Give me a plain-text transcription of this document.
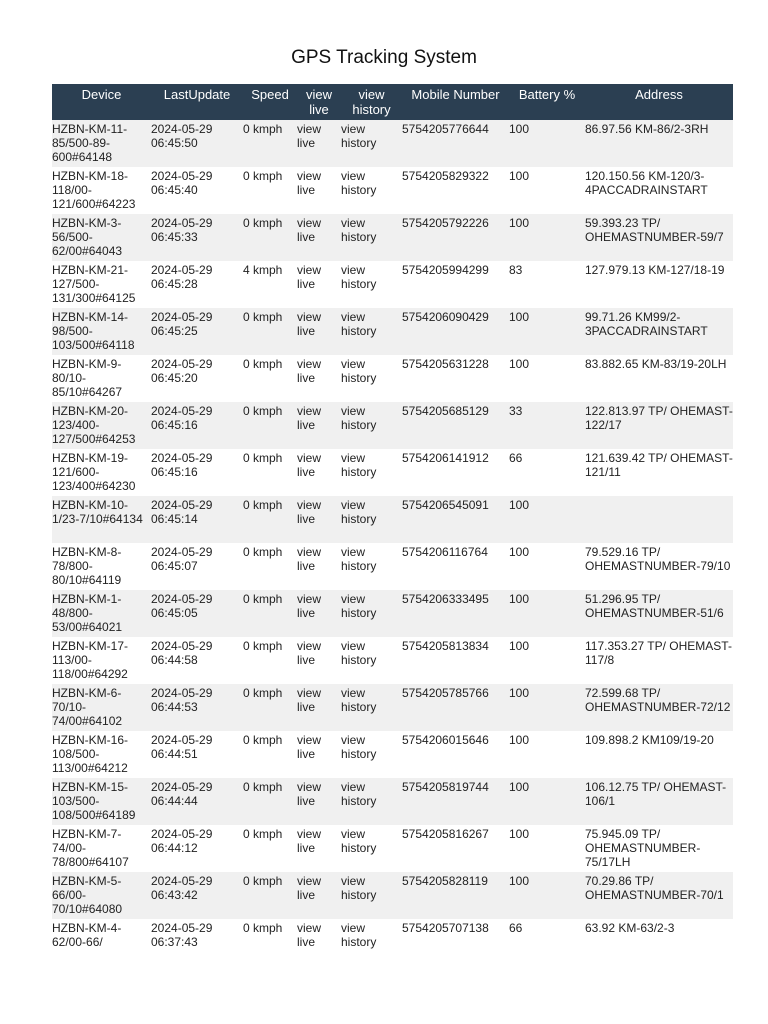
GPS Tracking System
Device	LastUpdate	Speed	view live	view history	Mobile Number	Battery %	Address
HZBN-KM-11-85/500-89-600#64148	2024-05-29 06:45:50	0 kmph	view live	view history	5754205776644	100	86.97.56 KM-86/2-3RH
HZBN-KM-18-118/00-121/600#64223	2024-05-29 06:45:40	0 kmph	view live	view history	5754205829322	100	120.150.56 KM-120/3-4PACCADRAINSTART
HZBN-KM-3-56/500-62/00#64043	2024-05-29 06:45:33	0 kmph	view live	view history	5754205792226	100	59.393.23 TP/ OHEMASTNUMBER-59/7
HZBN-KM-21-127/500-131/300#64125	2024-05-29 06:45:28	4 kmph	view live	view history	5754205994299	83	127.979.13 KM-127/18-19
HZBN-KM-14-98/500-103/500#64118	2024-05-29 06:45:25	0 kmph	view live	view history	5754206090429	100	99.71.26 KM99/2-3PACCADRAINSTART
HZBN-KM-9-80/10-85/10#64267	2024-05-29 06:45:20	0 kmph	view live	view history	5754205631228	100	83.882.65 KM-83/19-20LH
HZBN-KM-20-123/400-127/500#64253	2024-05-29 06:45:16	0 kmph	view live	view history	5754205685129	33	122.813.97 TP/ OHEMAST-122/17
HZBN-KM-19-121/600-123/400#64230	2024-05-29 06:45:16	0 kmph	view live	view history	5754206141912	66	121.639.42 TP/ OHEMAST-121/11
HZBN-KM-10-1/23-7/10#64134	2024-05-29 06:45:14	0 kmph	view live	view history	5754206545091	100	
HZBN-KM-8-78/800-80/10#64119	2024-05-29 06:45:07	0 kmph	view live	view history	5754206116764	100	79.529.16 TP/ OHEMASTNUMBER-79/10
HZBN-KM-1-48/800-53/00#64021	2024-05-29 06:45:05	0 kmph	view live	view history	5754206333495	100	51.296.95 TP/ OHEMASTNUMBER-51/6
HZBN-KM-17-113/00-118/00#64292	2024-05-29 06:44:58	0 kmph	view live	view history	5754205813834	100	117.353.27 TP/ OHEMAST-117/8
HZBN-KM-6-70/10-74/00#64102	2024-05-29 06:44:53	0 kmph	view live	view history	5754205785766	100	72.599.68 TP/ OHEMASTNUMBER-72/12
HZBN-KM-16-108/500-113/00#64212	2024-05-29 06:44:51	0 kmph	view live	view history	5754206015646	100	109.898.2 KM109/19-20
HZBN-KM-15-103/500-108/500#64189	2024-05-29 06:44:44	0 kmph	view live	view history	5754205819744	100	106.12.75 TP/ OHEMAST-106/1
HZBN-KM-7-74/00-78/800#64107	2024-05-29 06:44:12	0 kmph	view live	view history	5754205816267	100	75.945.09 TP/ OHEMASTNUMBER-75/17LH
HZBN-KM-5-66/00-70/10#64080	2024-05-29 06:43:42	0 kmph	view live	view history	5754205828119	100	70.29.86 TP/ OHEMASTNUMBER-70/1
HZBN-KM-4-62/00-66/	2024-05-29 06:37:43	0 kmph	view live	view history	5754205707138	66	63.92 KM-63/2-3
